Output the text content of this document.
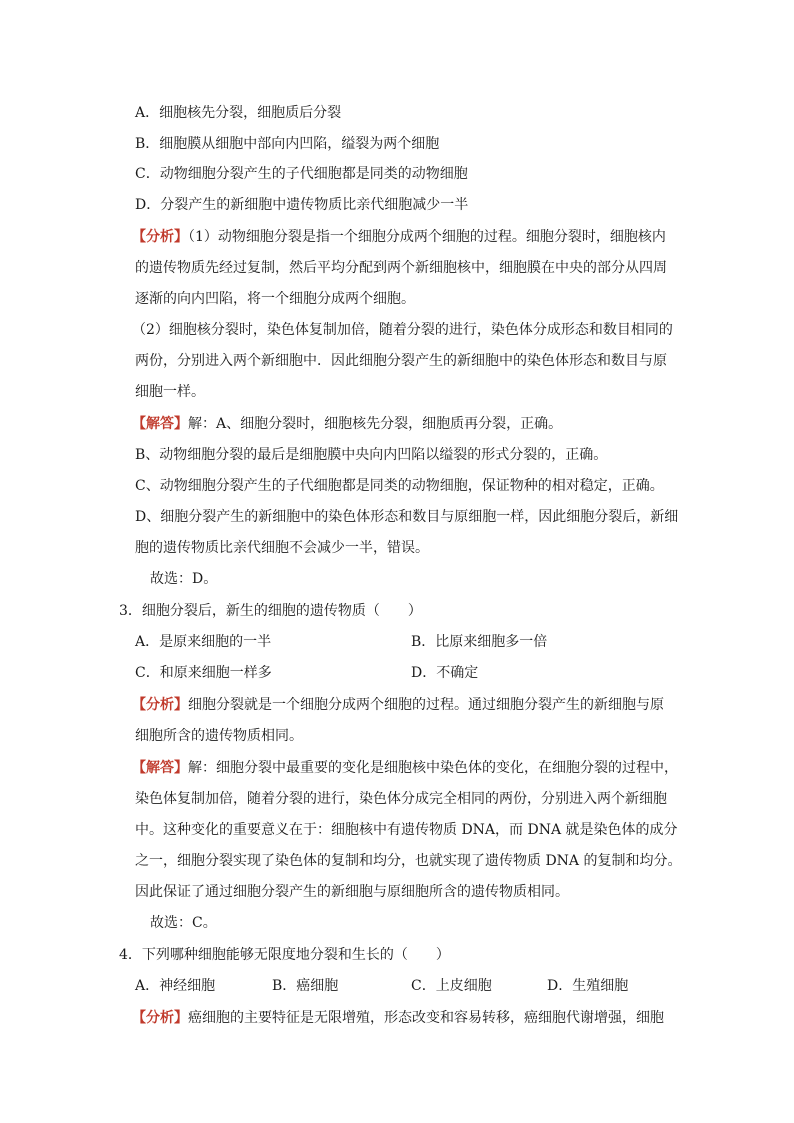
A．细胞核先分裂，细胞质后分裂
B．细胞膜从细胞中部向内凹陷，缢裂为两个细胞
C．动物细胞分裂产生的子代细胞都是同类的动物细胞
D．分裂产生的新细胞中遗传物质比亲代细胞减少一半
【分析】（1）动物细胞分裂是指一个细胞分成两个细胞的过程。细胞分裂时，细胞核内
的遗传物质先经过复制，然后平均分配到两个新细胞核中，细胞膜在中央的部分从四周
逐渐的向内凹陷，将一个细胞分成两个细胞。
（2）细胞核分裂时，染色体复制加倍，随着分裂的进行，染色体分成形态和数目相同的
两份，分别进入两个新细胞中．因此细胞分裂产生的新细胞中的染色体形态和数目与原
细胞一样。
【解答】解：A、细胞分裂时，细胞核先分裂，细胞质再分裂，正确。
B、动物细胞分裂的最后是细胞膜中央向内凹陷以缢裂的形式分裂的，正确。
C、动物细胞分裂产生的子代细胞都是同类的动物细胞，保证物种的相对稳定，正确。
D、细胞分裂产生的新细胞中的染色体形态和数目与原细胞一样，因此细胞分裂后，新细
胞的遗传物质比亲代细胞不会减少一半，错误。
故选：D。
3．细胞分裂后，新生的细胞的遗传物质（　　）
A．是原来细胞的一半	B．比原来细胞多一倍
C．和原来细胞一样多	D．不确定
【分析】细胞分裂就是一个细胞分成两个细胞的过程。通过细胞分裂产生的新细胞与原
细胞所含的遗传物质相同。
【解答】解：细胞分裂中最重要的变化是细胞核中染色体的变化，在细胞分裂的过程中，
染色体复制加倍，随着分裂的进行，染色体分成完全相同的两份，分别进入两个新细胞
中。这种变化的重要意义在于：细胞核中有遗传物质 DNA，而 DNA 就是染色体的成分
之一，细胞分裂实现了染色体的复制和均分，也就实现了遗传物质 DNA 的复制和均分。
因此保证了通过细胞分裂产生的新细胞与原细胞所含的遗传物质相同。
故选：C。
4．下列哪种细胞能够无限度地分裂和生长的（　　）
A．神经细胞	B．癌细胞	C．上皮细胞	D．生殖细胞
【分析】癌细胞的主要特征是无限增殖，形态改变和容易转移，癌细胞代谢增强，细胞
